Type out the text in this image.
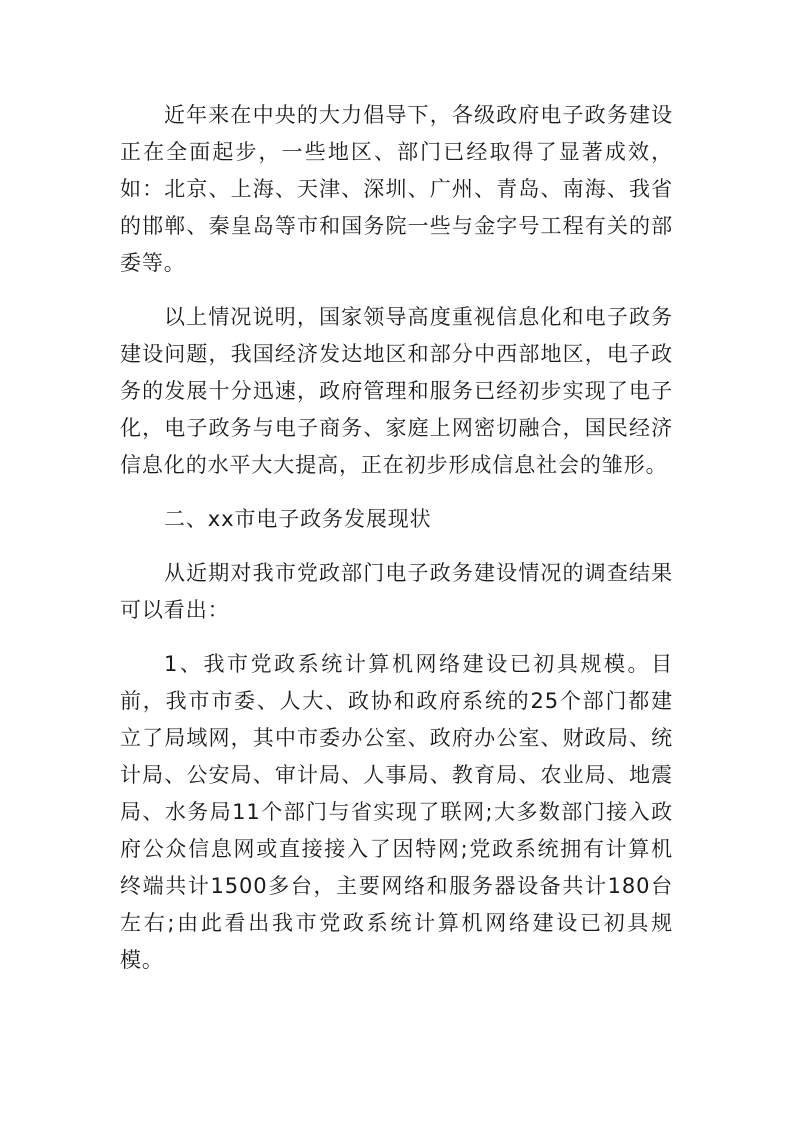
近年来在中央的大力倡导下，各级政府电子政务建设正在全面起步，一些地区、部门已经取得了显著成效，如：北京、上海、天津、深圳、广州、青岛、南海、我省的邯郸、秦皇岛等市和国务院一些与金字号工程有关的部委等。

以上情况说明，国家领导高度重视信息化和电子政务建设问题，我国经济发达地区和部分中西部地区，电子政务的发展十分迅速，政府管理和服务已经初步实现了电子化，电子政务与电子商务、家庭上网密切融合，国民经济信息化的水平大大提高，正在初步形成信息社会的雏形。

二、xx市电子政务发展现状

从近期对我市党政部门电子政务建设情况的调查结果可以看出：

1、我市党政系统计算机网络建设已初具规模。目前，我市市委、人大、政协和政府系统的25个部门都建立了局域网，其中市委办公室、政府办公室、财政局、统计局、公安局、审计局、人事局、教育局、农业局、地震局、水务局11个部门与省实现了联网;大多数部门接入政府公众信息网或直接接入了因特网;党政系统拥有计算机终端共计1500多台，主要网络和服务器设备共计180台左右;由此看出我市党政系统计算机网络建设已初具规模。
